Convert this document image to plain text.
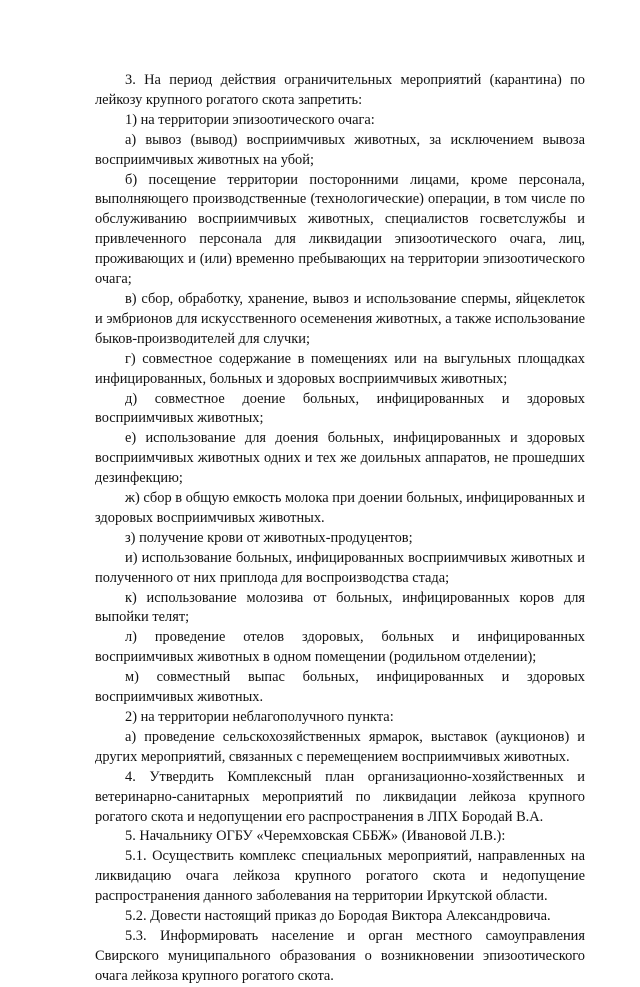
3. На период действия ограничительных мероприятий (карантина) по лейкозу крупного рогатого скота запретить:

1) на территории эпизоотического очага:

а) вывоз (вывод) восприимчивых животных, за исключением вывоза восприимчивых животных на убой;

б) посещение территории посторонними лицами, кроме персонала, выполняющего производственные (технологические) операции, в том числе по обслуживанию восприимчивых животных, специалистов госветслужбы и привлеченного персонала для ликвидации эпизоотического очага, лиц, проживающих и (или) временно пребывающих на территории эпизоотического очага;

в) сбор, обработку, хранение, вывоз и использование спермы, яйцеклеток и эмбрионов для искусственного осеменения животных, а также использование быков-производителей для случки;

г) совместное содержание в помещениях или на выгульных площадках инфицированных, больных и здоровых восприимчивых животных;

д) совместное доение больных, инфицированных и здоровых восприимчивых животных;

е) использование для доения больных, инфицированных и здоровых восприимчивых животных одних и тех же доильных аппаратов, не прошедших дезинфекцию;

ж) сбор в общую емкость молока при доении больных, инфицированных и здоровых восприимчивых животных.

з) получение крови от животных-продуцентов;

и) использование больных, инфицированных восприимчивых животных и полученного от них приплода для воспроизводства стада;

к) использование молозива от больных, инфицированных коров для выпойки телят;

л) проведение отелов здоровых, больных и инфицированных восприимчивых животных в одном помещении (родильном отделении);

м) совместный выпас больных, инфицированных и здоровых восприимчивых животных.

2) на территории неблагополучного пункта:

а) проведение сельскохозяйственных ярмарок, выставок (аукционов) и других мероприятий, связанных с перемещением восприимчивых животных.

4. Утвердить Комплексный план организационно-хозяйственных и ветеринарно-санитарных мероприятий по ликвидации лейкоза крупного рогатого скота и недопущении его распространения в ЛПХ Бородай В.А.

5. Начальнику ОГБУ «Черемховская СББЖ» (Ивановой Л.В.):

5.1. Осуществить комплекс специальных мероприятий, направленных на ликвидацию очага лейкоза крупного рогатого скота и недопущение распространения данного заболевания на территории Иркутской области.

5.2. Довести настоящий приказ до Бородая Виктора Александровича.

5.3. Информировать население и орган местного самоуправления Свирского муниципального образования о возникновении эпизоотического очага лейкоза крупного рогатого скота.
